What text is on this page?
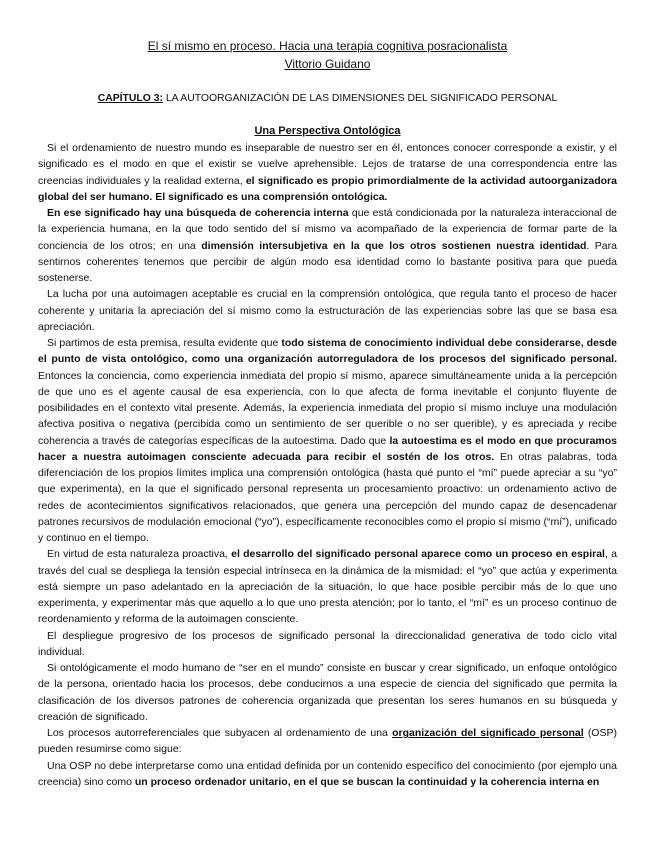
El sí mismo en proceso. Hacia una terapia cognitiva posracionalista
Vittorio Guidano
CAPÍTULO 3: LA AUTOORGANIZACIÓN DE LAS DIMENSIONES DEL SIGNIFICADO PERSONAL
Una Perspectiva Ontológica

Si el ordenamiento de nuestro mundo es inseparable de nuestro ser en él, entonces conocer corresponde a existir, y el significado es el modo en que el existir se vuelve aprehensible. Lejos de tratarse de una correspondencia entre las creencias individuales y la realidad externa, el significado es propio primordialmente de la actividad autoorganizadora global del ser humano. El significado es una comprensión ontológica.

En ese significado hay una búsqueda de coherencia interna que está condicionada por la naturaleza interaccional de la experiencia humana, en la que todo sentido del sí mismo va acompañado de la experiencia de formar parte de la conciencia de los otros; en una dimensión intersubjetiva en la que los otros sostienen nuestra identidad. Para sentirnos coherentes tenemos que percibir de algún modo esa identidad como lo bastante positiva para que pueda sostenerse.

La lucha por una autoimagen aceptable es crucial en la comprensión ontológica, que regula tanto el proceso de hacer coherente y unitaria la apreciación del sí mismo como la estructuración de las experiencias sobre las que se basa esa apreciación.

Si partimos de esta premisa, resulta evidente que todo sistema de conocimiento individual debe considerarse, desde el punto de vista ontológico, como una organización autorreguladora de los procesos del significado personal. Entonces la conciencia, como experiencia inmediata del propio sí mismo, aparece simultáneamente unida a la percepción de que uno es el agente causal de esa experiencia, con lo que afecta de forma inevitable el conjunto fluyente de posibilidades en el contexto vital presente. Además, la experiencia inmediata del propio sí mismo incluye una modulación afectiva positiva o negativa (percibida como un sentimiento de ser querible o no ser querible), y es apreciada y recibe coherencia a través de categorías específicas de la autoestima. Dado que la autoestima es el modo en que procuramos hacer a nuestra autoimagen consciente adecuada para recibir el sostén de los otros. En otras palabras, toda diferenciación de los propios límites implica una comprensión ontológica (hasta qué punto el “mí” puede apreciar a su “yo” que experimenta), en la que el significado personal representa un procesamiento proactivo: un ordenamiento activo de redes de acontecimientos significativos relacionados, que genera una percepción del mundo capaz de desencadenar patrones recursivos de modulación emocional (“yo”), específicamente reconocibles como el propio sí mismo (“mí”), unificado y continuo en el tiempo.

En virtud de esta naturaleza proactiva, el desarrollo del significado personal aparece como un proceso en espiral, a través del cual se despliega la tensión especial intrínseca en la dinámica de la mismidad: el “yo” que actúa y experimenta está siempre un paso adelantado en la apreciación de la situación, lo que hace posible percibir más de lo que uno experimenta, y experimentar más que aquello a lo que uno presta atención; por lo tanto, el “mí” es un proceso continuo de reordenamiento y reforma de la autoimagen consciente.

El despliegue progresivo de los procesos de significado personal la direccionalidad generativa de todo ciclo vital individual.

Si ontológicamente el modo humano de “ser en el mundo” consiste en buscar y crear significado, un enfoque ontológico de la persona, orientado hacia los procesos, debe conducirnos a una especie de ciencia del significado que permita la clasificación de los diversos patrones de coherencia organizada que presentan los seres humanos en su búsqueda y creación de significado.

Los procesos autorreferenciales que subyacen al ordenamiento de una organización del significado personal (OSP) pueden resumirse como sigue:

Una OSP no debe interpretarse como una entidad definida por un contenido específico del conocimiento (por ejemplo una creencia) sino como un proceso ordenador unitario, en el que se buscan la continuidad y la coherencia interna en
